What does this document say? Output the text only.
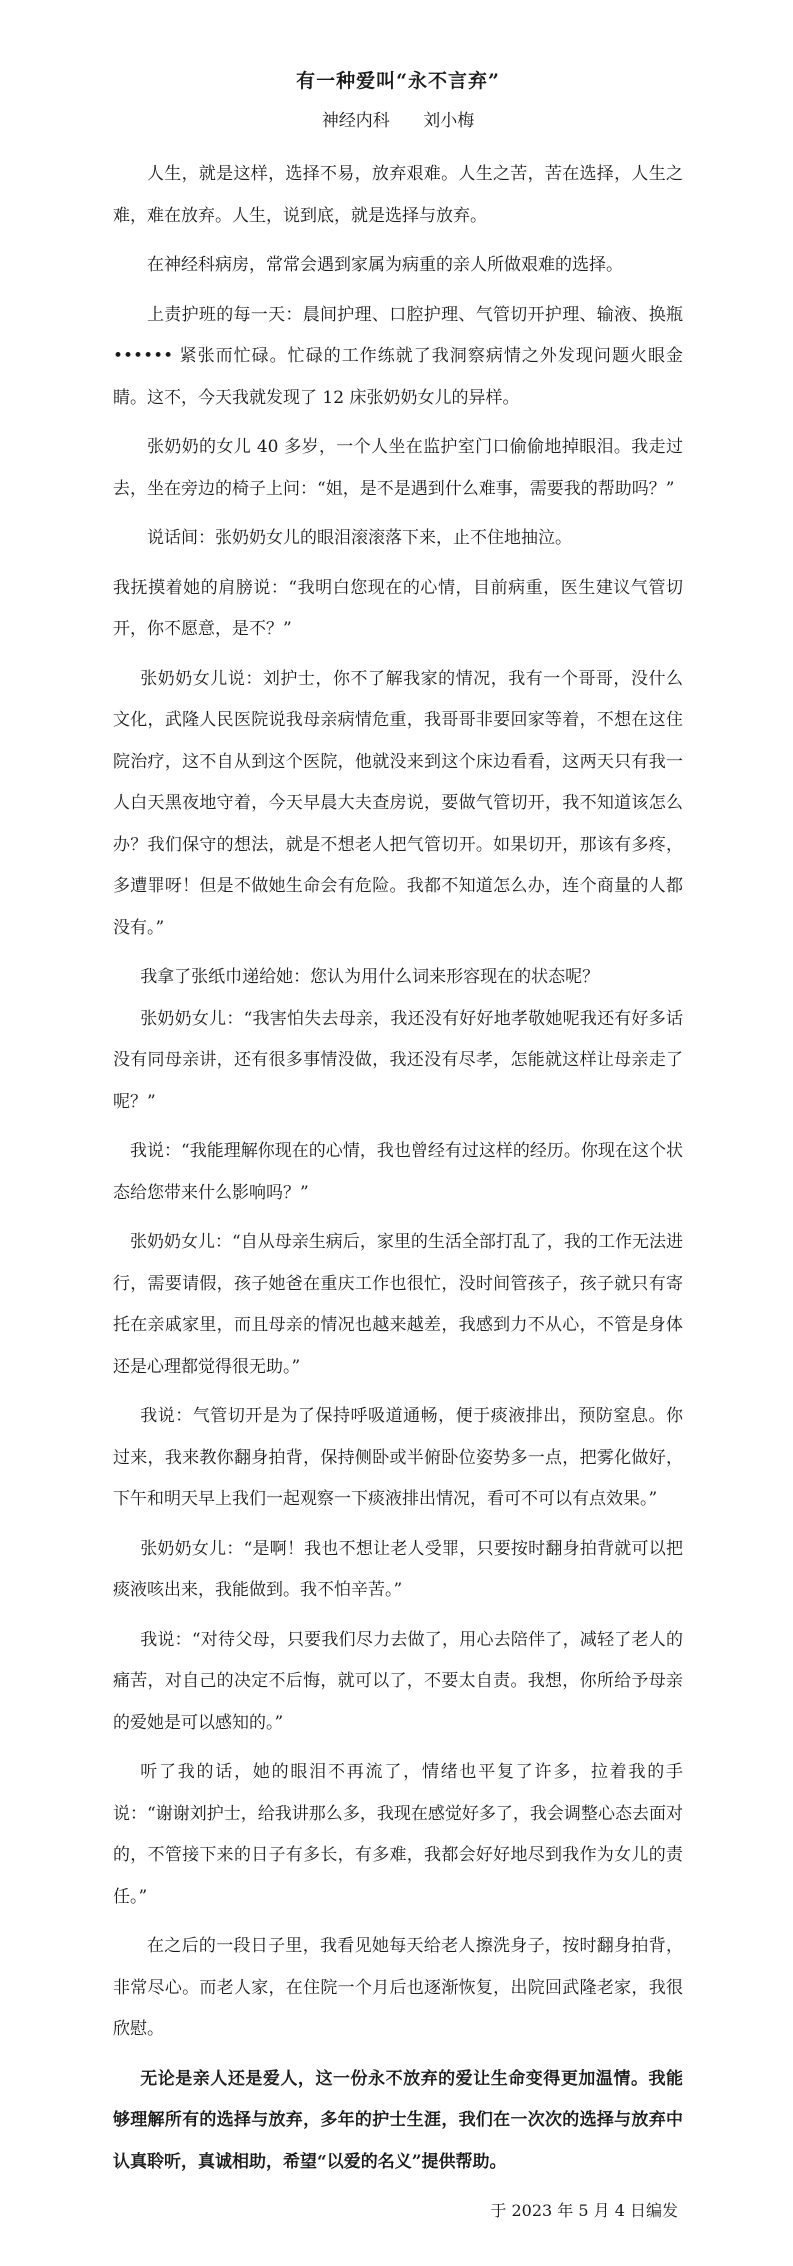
有一种爱叫“永不言弃”
神经内科 刘小梅

人生，就是这样，选择不易，放弃艰难。人生之苦，苦在选择，人生之难，难在放弃。人生，说到底，就是选择与放弃。

在神经科病房，常常会遇到家属为病重的亲人所做艰难的选择。

上责护班的每一天：晨间护理、口腔护理、气管切开护理、输液、换瓶 •••••• 紧张而忙碌。忙碌的工作练就了我洞察病情之外发现问题火眼金睛。这不，今天我就发现了 12 床张奶奶女儿的异样。

张奶奶的女儿 40 多岁，一个人坐在监护室门口偷偷地掉眼泪。我走过去，坐在旁边的椅子上问：“姐，是不是遇到什么难事，需要我的帮助吗？”

说话间：张奶奶女儿的眼泪滚滚落下来，止不住地抽泣。

我抚摸着她的肩膀说：“我明白您现在的心情，目前病重，医生建议气管切开，你不愿意，是不？”

张奶奶女儿说：刘护士，你不了解我家的情况，我有一个哥哥，没什么文化，武隆人民医院说我母亲病情危重，我哥哥非要回家等着，不想在这住院治疗，这不自从到这个医院，他就没来到这个床边看看，这两天只有我一人白天黑夜地守着，今天早晨大夫查房说，要做气管切开，我不知道该怎么办？我们保守的想法，就是不想老人把气管切开。如果切开，那该有多疼，多遭罪呀！但是不做她生命会有危险。我都不知道怎么办，连个商量的人都没有。”

我拿了张纸巾递给她：您认为用什么词来形容现在的状态呢？

张奶奶女儿：“我害怕失去母亲，我还没有好好地孝敬她呢我还有好多话没有同母亲讲，还有很多事情没做，我还没有尽孝，怎能就这样让母亲走了呢？”

我说：“我能理解你现在的心情，我也曾经有过这样的经历。你现在这个状态给您带来什么影响吗？”

张奶奶女儿：“自从母亲生病后，家里的生活全部打乱了，我的工作无法进行，需要请假，孩子她爸在重庆工作也很忙，没时间管孩子，孩子就只有寄托在亲戚家里，而且母亲的情况也越来越差，我感到力不从心，不管是身体还是心理都觉得很无助。”

我说：气管切开是为了保持呼吸道通畅，便于痰液排出，预防窒息。你过来，我来教你翻身拍背，保持侧卧或半俯卧位姿势多一点，把雾化做好，下午和明天早上我们一起观察一下痰液排出情况，看可不可以有点效果。”

张奶奶女儿：“是啊！我也不想让老人受罪，只要按时翻身拍背就可以把痰液咳出来，我能做到。我不怕辛苦。”

我说：“对待父母，只要我们尽力去做了，用心去陪伴了，减轻了老人的痛苦，对自己的决定不后悔，就可以了，不要太自责。我想，你所给予母亲的爱她是可以感知的。”

听了我的话，她的眼泪不再流了，情绪也平复了许多，拉着我的手说：“谢谢刘护士，给我讲那么多，我现在感觉好多了，我会调整心态去面对的，不管接下来的日子有多长，有多难，我都会好好地尽到我作为女儿的责任。”

在之后的一段日子里，我看见她每天给老人擦洗身子，按时翻身拍背，非常尽心。而老人家，在住院一个月后也逐渐恢复，出院回武隆老家，我很欣慰。

无论是亲人还是爱人，这一份永不放弃的爱让生命变得更加温情。我能够理解所有的选择与放弃，多年的护士生涯，我们在一次次的选择与放弃中认真聆听，真诚相助，希望“以爱的名义”提供帮助。

于 2023 年 5 月 4 日编发
